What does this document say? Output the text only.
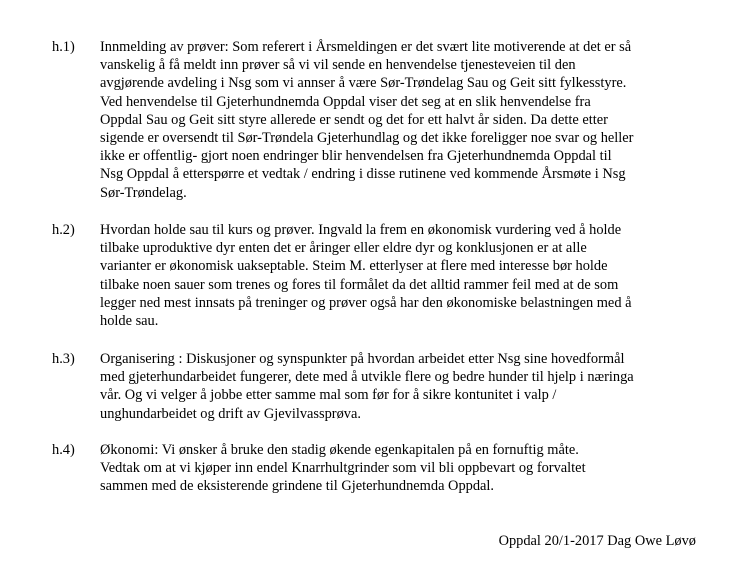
h.1)	Innmelding av prøver: Som referert i Årsmeldingen er det svært lite motiverende at det er så
vanskelig å få meldt inn prøver så vi vil sende en henvendelse tjenesteveien til den
avgjørende avdeling i Nsg som vi annser å være Sør-Trøndelag Sau og Geit sitt fylkesstyre.
Ved henvendelse til Gjeterhundnemda Oppdal viser det seg at en slik henvendelse fra
Oppdal Sau og Geit sitt styre allerede er sendt og det for ett halvt år siden. Da dette etter
sigende er oversendt til Sør-Trøndela Gjeterhundlag og det ikke foreligger noe svar og heller
ikke er offentlig- gjort noen endringer blir henvendelsen fra Gjeterhundnemda Oppdal til
Nsg Oppdal å etterspørre et vedtak / endring i disse rutinene ved kommende Årsmøte i Nsg
Sør-Trøndelag.
h.2)	Hvordan holde sau til kurs og prøver. Ingvald la frem en økonomisk vurdering ved å holde
tilbake uproduktive dyr enten det er åringer eller eldre dyr og konklusjonen er at alle
varianter er økonomisk uakseptable. Steim M. etterlyser at flere med interesse bør holde
tilbake noen sauer som trenes og fores til formålet da det alltid rammer feil med at de som
legger ned mest innsats på treninger og prøver også har den økonomiske belastningen med å
holde sau.
h.3)	Organisering : Diskusjoner og synspunkter på hvordan arbeidet etter Nsg sine hovedformål
med gjeterhundarbeidet fungerer, dete med å utvikle flere og bedre hunder til hjelp i næringa
vår. Og vi velger å jobbe etter samme mal som før for å sikre kontunitet i valp /
unghundarbeidet og drift av Gjevilvassprøva.
h.4)	Økonomi: Vi ønsker å bruke den stadig økende egenkapitalen på en fornuftig måte.
Vedtak om at vi kjøper inn endel Knarrhultgrinder som vil bli oppbevart og forvaltet
sammen med de eksisterende grindene til Gjeterhundnemda Oppdal.
Oppdal 20/1-2017 Dag Owe Løvø
